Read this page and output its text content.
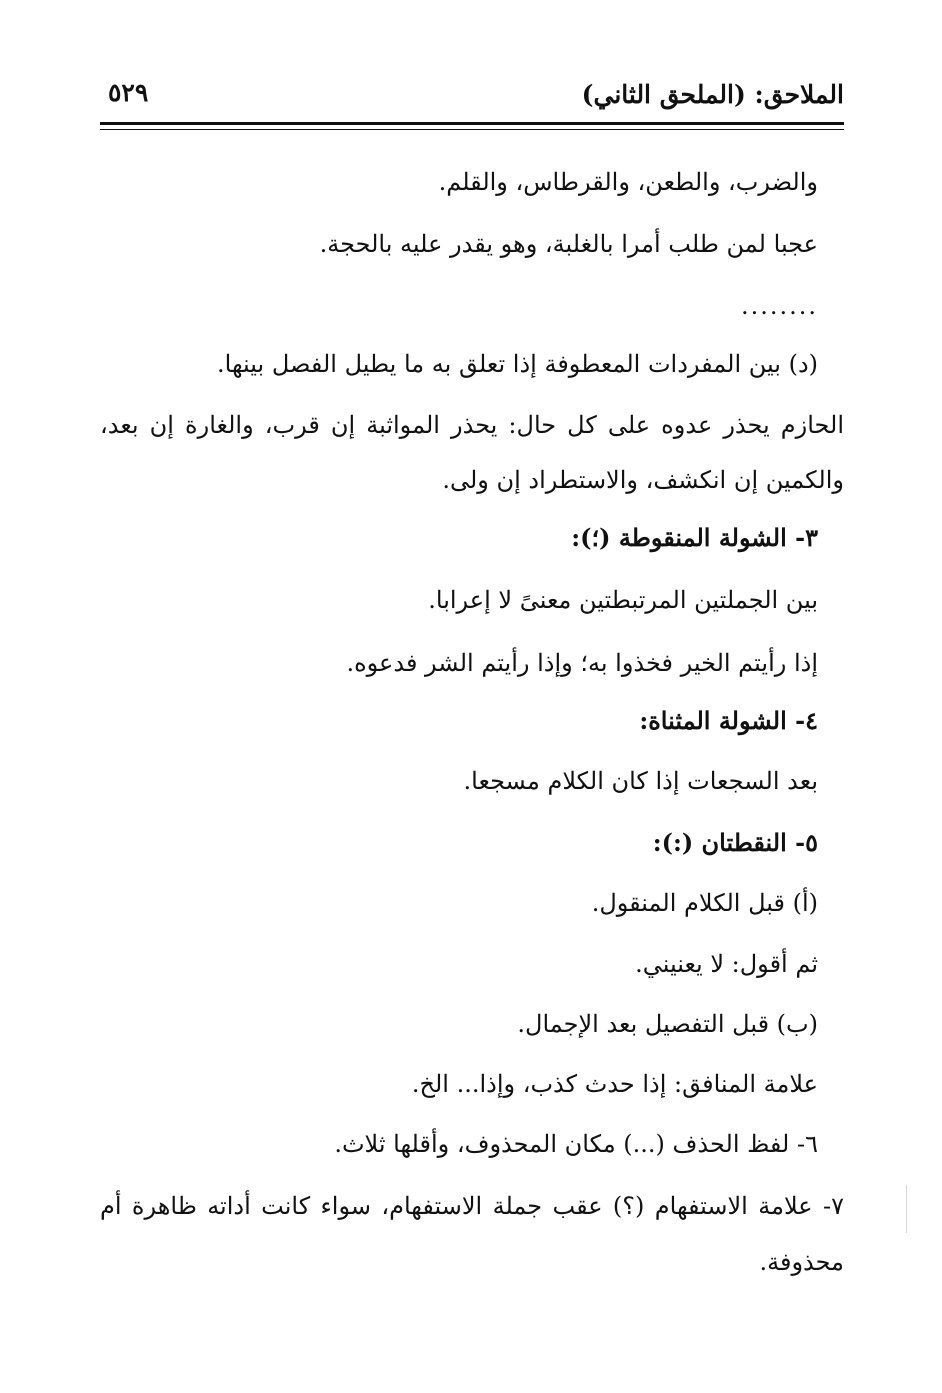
الملاحق: (الملحق الثاني)
٥٢٩
والضرب، والطعن، والقرطاس، والقلم.
عجبا لمن طلب أمرا بالغلبة، وهو يقدر عليه بالحجة.
........
(د) بين المفردات المعطوفة إذا تعلق به ما يطيل الفصل بينها.
الحازم يحذر عدوه على كل حال: يحذر المواثبة إن قرب، والغارة إن بعد،
والكمين إن انكشف، والاستطراد إن ولى.
٣- الشولة المنقوطة (؛):
بين الجملتين المرتبطتين معنىً لا إعرابا.
إذا رأيتم الخير فخذوا به؛ وإذا رأيتم الشر فدعوه.
٤- الشولة المثناة:
بعد السجعات إذا كان الكلام مسجعا.
٥- النقطتان (:):
(أ) قبل الكلام المنقول.
ثم أقول: لا يعنيني.
(ب) قبل التفصيل بعد الإجمال.
علامة المنافق: إذا حدث كذب، وإذا... الخ.
٦- لفظ الحذف (...) مكان المحذوف، وأقلها ثلاث.
٧- علامة الاستفهام (؟) عقب جملة الاستفهام، سواء كانت أداته ظاهرة أم
محذوفة.
